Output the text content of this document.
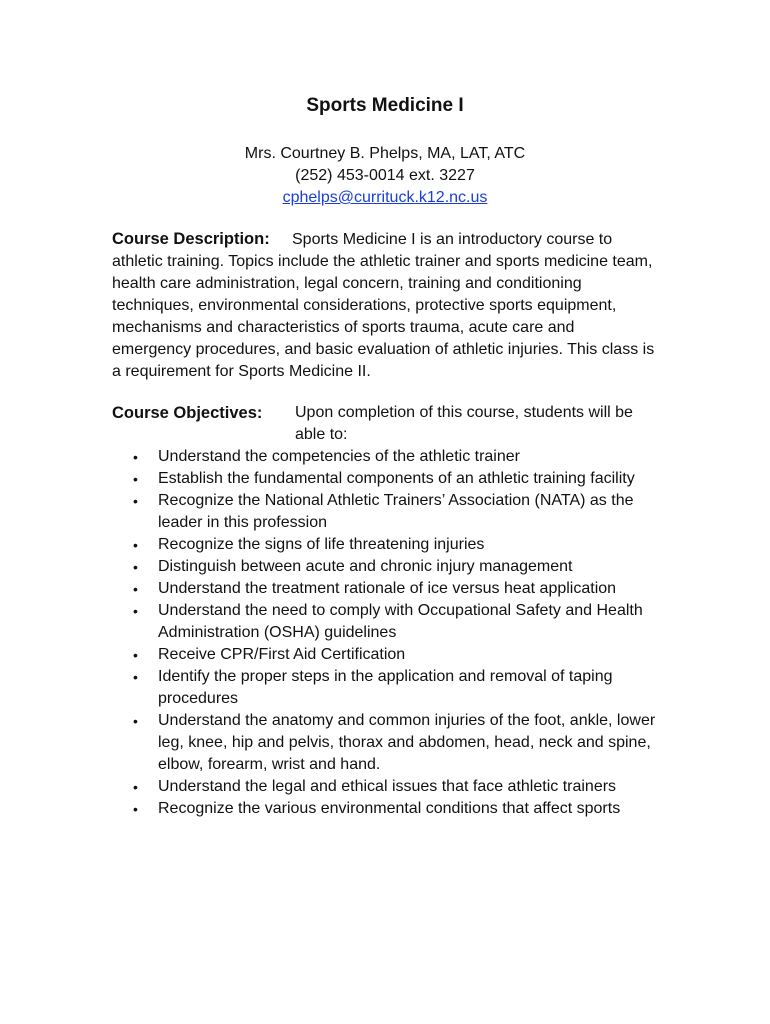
Sports Medicine I
Mrs. Courtney B. Phelps, MA, LAT, ATC
(252) 453-0014 ext. 3227
cphelps@currituck.k12.nc.us
Course Description: Sports Medicine I is an introductory course to athletic training. Topics include the athletic trainer and sports medicine team, health care administration, legal concern, training and conditioning techniques, environmental considerations, protective sports equipment, mechanisms and characteristics of sports trauma, acute care and emergency procedures, and basic evaluation of athletic injuries. This class is a requirement for Sports Medicine II.
Course Objectives:	Upon completion of this course, students will be able to:
• Understand the competencies of the athletic trainer
• Establish the fundamental components of an athletic training facility
• Recognize the National Athletic Trainers’ Association (NATA) as the leader in this profession
• Recognize the signs of life threatening injuries
• Distinguish between acute and chronic injury management
• Understand the treatment rationale of ice versus heat application
• Understand the need to comply with Occupational Safety and Health Administration (OSHA) guidelines
• Receive CPR/First Aid Certification
• Identify the proper steps in the application and removal of taping procedures
• Understand the anatomy and common injuries of the foot, ankle, lower leg, knee, hip and pelvis, thorax and abdomen, head, neck and spine, elbow, forearm, wrist and hand.
• Understand the legal and ethical issues that face athletic trainers
• Recognize the various environmental conditions that affect sports
